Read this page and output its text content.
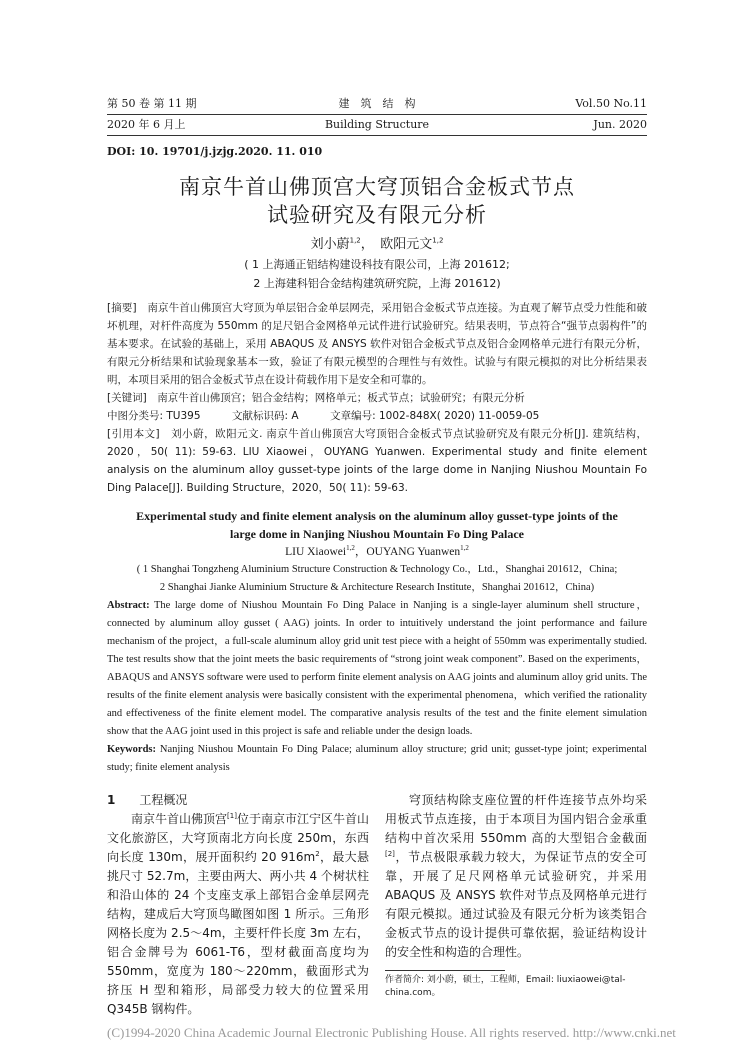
第 50 卷 第 11 期	建　筑　结　构	Vol.50 No.11
2020 年 6 月上	Building Structure	Jun. 2020
DOI: 10. 19701/j.jzjg.2020. 11. 010
南京牛首山佛顶宫大穹顶铝合金板式节点
试验研究及有限元分析
刘小蔚$^{1,2}$，　欧阳元文$^{1,2}$
( 1 上海通正铝结构建设科技有限公司，上海 201612;
2 上海建科铝合金结构建筑研究院，上海 201612)
[摘要]　 南京牛首山佛顶宫大穹顶为单层铝合金单层网壳，采用铝合金板式节点连接。为直观了解节点受力性能和破坏机理，对杆件高度为 550mm 的足尺铝合金网格单元试件进行试验研究。结果表明，节点符合“强节点弱构件”的基本要求。在试验的基础上，采用 ABAQUS 及 ANSYS 软件对铝合金板式节点及铝合金网格单元进行有限元分析，有限元分析结果和试验现象基本一致，验证了有限元模型的合理性与有效性。试验与有限元模拟的对比分析结果表明，本项目采用的铝合金板式节点在设计荷载作用下是安全和可靠的。
[关键词]　 南京牛首山佛顶宫；铝合金结构；网格单元；板式节点；试验研究；有限元分析
中图分类号: TU395　　　	文献标识码: A　　　	文章编号: 1002-848X( 2020) 11-0059-05
[引用本文]　 刘小蔚，欧阳元文. 南京牛首山佛顶宫大穹顶铝合金板式节点试验研究及有限元分析[J]. 建筑结构，2020，50( 11): 59-63. LIU Xiaowei，OUYANG Yuanwen. Experimental study and finite element analysis on the aluminum alloy gusset-type joints of the large dome in Nanjing Niushou Mountain Fo Ding Palace[J]. Building Structure，2020，50( 11): 59-63.
Experimental study and finite element analysis on the aluminum alloy gusset-type joints of the large dome in Nanjing Niushou Mountain Fo Ding Palace
LIU Xiaowei$^{1,2}$，OUYANG Yuanwen$^{1,2}$
( 1 Shanghai Tongzheng Aluminium Structure Construction & Technology Co.，Ltd.，Shanghai 201612，China;
2 Shanghai Jianke Aluminium Structure & Architecture Research Institute，Shanghai 201612，China)
Abstract: The large dome of Niushou Mountain Fo Ding Palace in Nanjing is a single-layer aluminum shell structure，connected by aluminum alloy gusset ( AAG) joints. In order to intuitively understand the joint performance and failure mechanism of the project，a full-scale aluminum alloy grid unit test piece with a height of 550mm was experimentally studied. The test results show that the joint meets the basic requirements of “strong joint weak component”. Based on the experiments，ABAQUS and ANSYS software were used to perform finite element analysis on AAG joints and aluminum alloy grid units. The results of the finite element analysis were basically consistent with the experimental phenomena，which verified the rationality and effectiveness of the finite element model. The comparative analysis results of the test and the finite element simulation show that the AAG joint used in this project is safe and reliable under the design loads.
Keywords: Nanjing Niushou Mountain Fo Ding Palace; aluminum alloy structure; grid unit; gusset-type joint; experimental study; finite element analysis
1　　 工程概况
南京牛首山佛顶宫[1]位于南京市江宁区牛首山文化旅游区，大穹顶南北方向长度 250m，东西向长度 130m，展开面积约 20 $916m^2$，最大悬挑尺寸 52.7m，主要由两大、两小共 4 个树状柱和沿山体的 24 个支座支承上部铝合金单层网壳结构，建成后大穹顶鸟瞰图如图 1 所示。三角形网格长度为 2.5～4m，主要杆件长度 3m 左右，铝合金牌号为 6061-T6，型材截面高度均为 550mm，宽度为 180～220mm，截面形式为挤压 H 型和箱形，局部受力较大的位置采用 Q345B 钢构件。
穹顶结构除支座位置的杆件连接节点外均采用板式节点连接，由于本项目为国内铝合金承重结构中首次采用 550mm 高的大型铝合金截面[2]，节点极限承载力较大，为保证节点的安全可靠，开展了足尺网格单元试验研究，并采用 ABAQUS 及 ANSYS 软件对节点及网格单元进行有限元模拟。通过试验及有限元分析为该类铝合金板式节点的设计提供可靠依据，验证结构设计的安全性和构造的合理性。
作者简介: 刘小蔚，硕士，工程师，Email: liuxiaowei@tal-china.com。
(C)1994-2020 China Academic Journal Electronic Publishing House. All rights reserved. http://www.cnki.net
